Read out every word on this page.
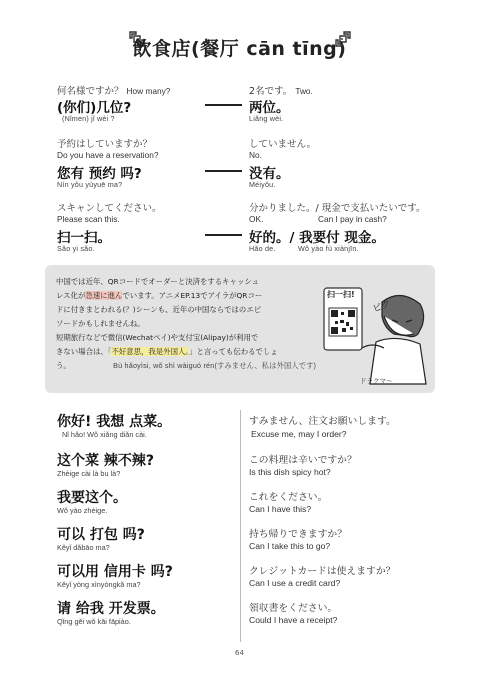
飲食店(餐厅 cān tīng)
何名様ですか？ How many?
(你们)几位?
(Nǐmen) jǐ wèi ?
2名です。 Two.
两位。
Liǎng wèi.
予約はしていますか？
Do you have a reservation?
您有 预约 吗?
Nín yǒu yùyuē ma?
していません。
No.
没有。
Méiyǒu.
スキャンしてください。
Please scan this.
扫一扫。
Sǎo yi sǎo.
分かりました。/ 現金で支払いたいです。
OK.	Can I pay in cash?
好的。/ 我要付 现金。
Hǎo de.	Wǒ yào fù xiànjīn.
中国では近年、QRコードでオーダーと決済をするキャッシュ
レス化が急速に進んでいます。アニメEP.13でアイラがQRコー
ドに付きまとわれる(？)シーンも、近年の中国ならではのエピ
ソードかもしれませんね。
短期旅行などで微信(Wechatペイ)や支付宝(Alipay)が利用で
きない場合は、「不好意思，我是外国人。」と言っても伝わるでしょ
う。	Bù hǎoyìsi, wǒ shì wàiguó rén(すみません、私は外国人です)
ピク
扫一扫!
ドラクマ〜
你好! 我想 点菜。
Nǐ hǎo! Wǒ xiǎng diǎn cài.
すみません、注文お願いします。
Excuse me, may I order?
这个菜 辣不辣?
Zhèige cài là bu là?
この料理は辛いですか？
Is this dish spicy hot?
我要这个。
Wǒ yào zhèige.
これをください。
Can I have this?
可以 打包 吗?
Kěyǐ dǎbāo ma?
持ち帰りできますか？
Can I take this to go?
可以用 信用卡 吗?
Kěyǐ yòng xìnyòngkǎ ma?
クレジットカードは使えますか？
Can I use a credit card?
请 给我 开发票。
Qǐng gěi wǒ kāi fāpiào.
領収書をください。
Could I have a receipt?
64
